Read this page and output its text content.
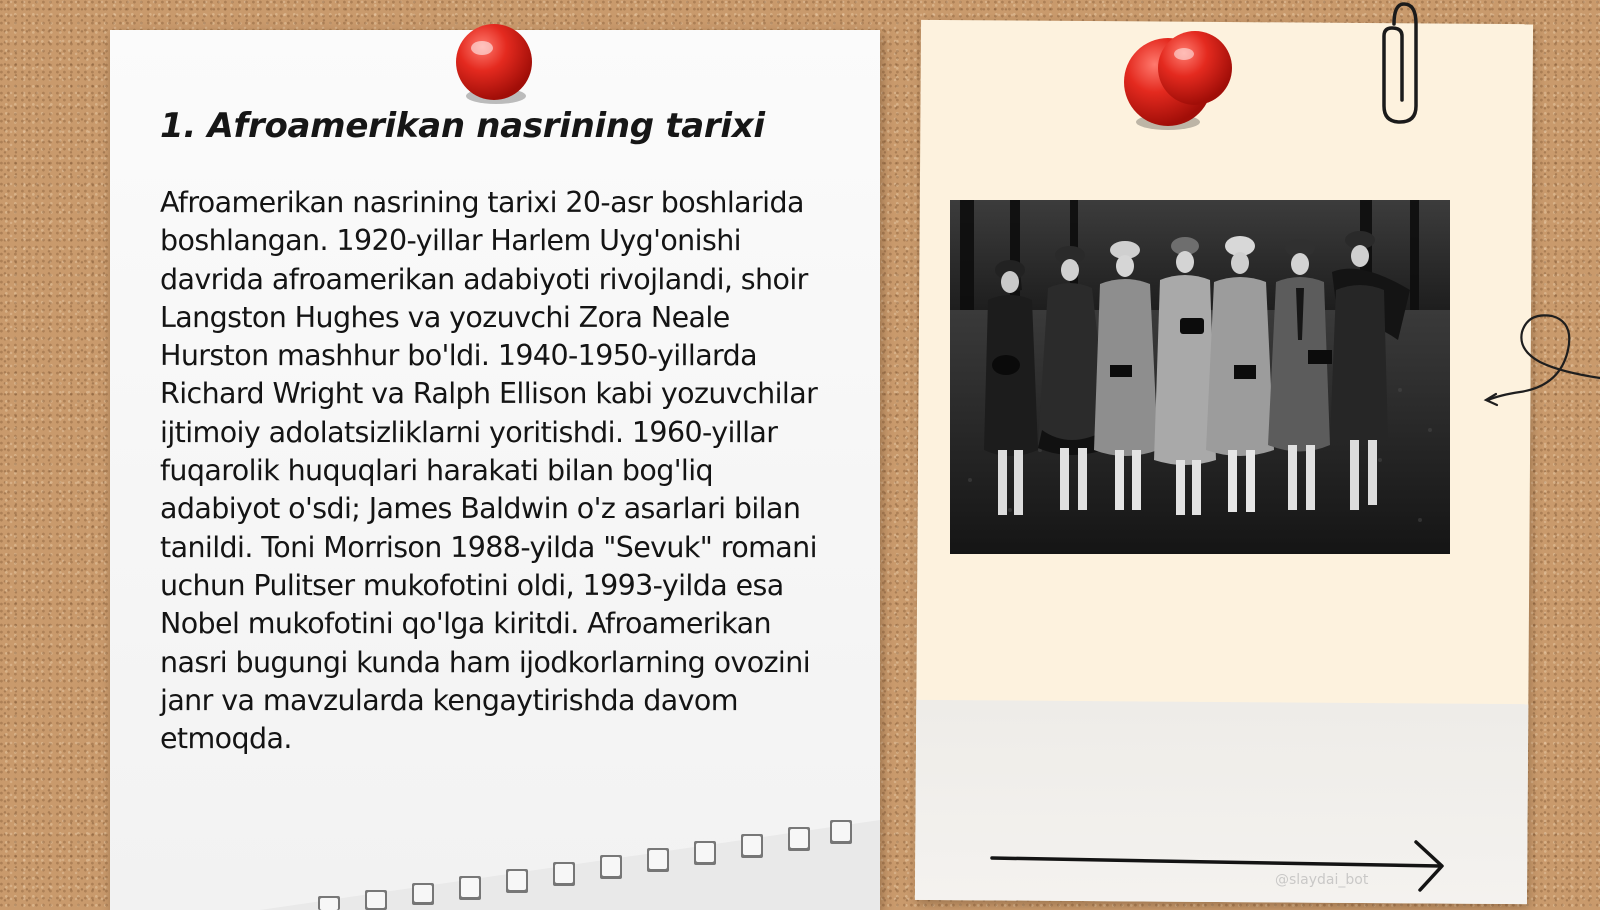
1. Afroamerikan nasrining tarixi

Afroamerikan nasrining tarixi 20-asr boshlarida boshlangan. 1920-yillar Harlem Uyg'onishi davrida afroamerikan adabiyoti rivojlandi, shoir Langston Hughes va yozuvchi Zora Neale Hurston mashhur bo'ldi. 1940-1950-yillarda Richard Wright va Ralph Ellison kabi yozuvchilar ijtimoiy adolatsizliklarni yoritishdi. 1960-yillar fuqarolik huquqlari harakati bilan bog'liq adabiyot o'sdi; James Baldwin o'z asarlari bilan tanildi. Toni Morrison 1988-yilda "Sevuk" romani uchun Pulitser mukofotini oldi, 1993-yilda esa Nobel mukofotini qo'lga kiritdi. Afroamerikan nasri bugungi kunda ham ijodkorlarning ovozini janr va mavzularda kengaytirishda davom etmoqda.

@slaydai_bot
